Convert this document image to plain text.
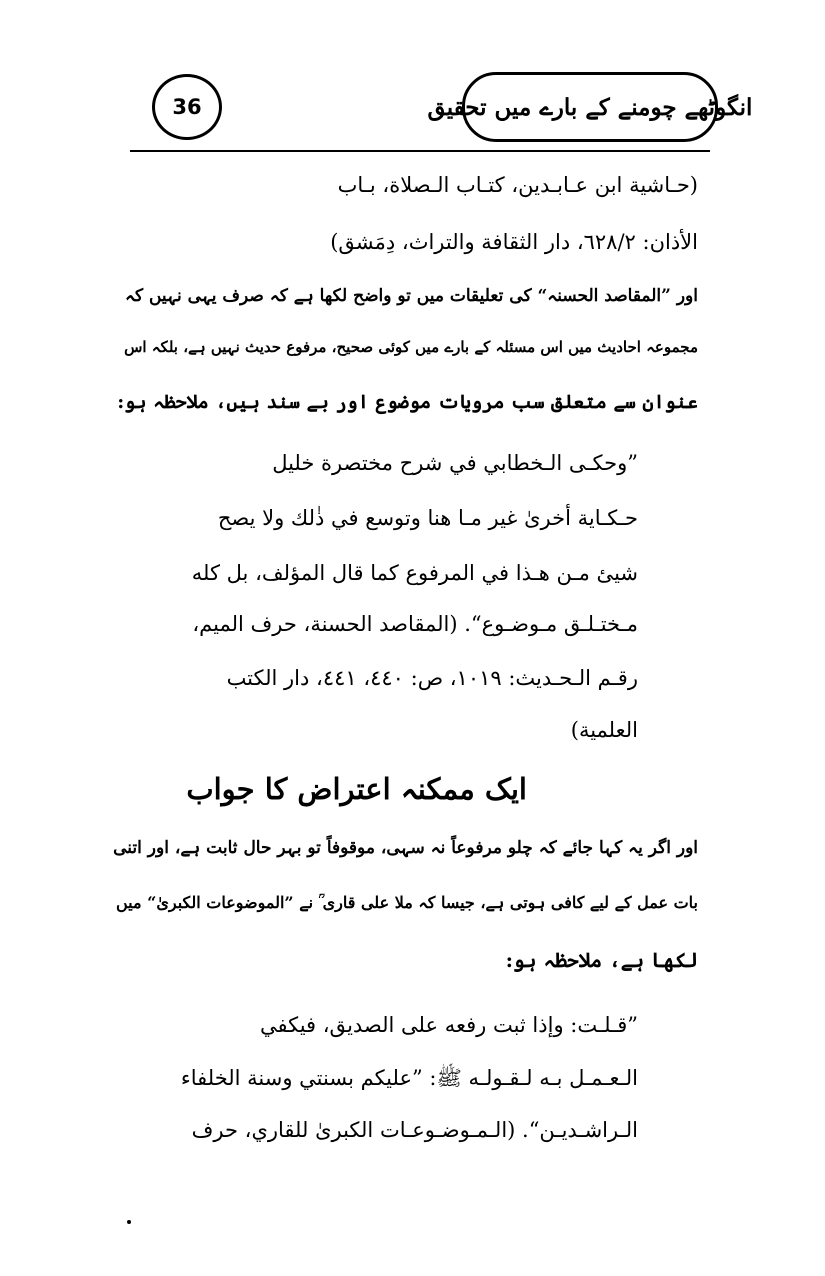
36	انگوٹھے چومنے کے بارے میں تحقیق
(حـاشية ابن عـابـدين، كتـاب الـصلاة، بـاب
الأذان: ٦٢٨/٢، دار الثقافة والتراث، دِمَشق)
اور ”المقاصد الحسنہ“ کی تعلیقات میں تو واضح لکھا ہے کہ صرف یہی نہیں کہ
مجموعہ احادیث میں اس مسئلہ کے بارے میں کوئی صحیح، مرفوع حدیث نہیں ہے، بلکہ اس
عنوان سے متعلق سب مرویات موضوع اور بے سند ہیں، ملاحظہ ہو:
”وحكـى الـخطابي في شرح مختصرة خليل
حـكـاية أخرىٰ غير مـا هنا وتوسع في ذٰلك ولا يصح
شيئ مـن هـذا في المرفوع كما قال المؤلف، بل كله
مـختـلـق مـوضـوع“. (المقاصد الحسنة، حرف الميم،
رقـم الـحـديث: ١٠١٩، ص: ٤٤٠، ٤٤١، دار الكتب
العلمية)
ایک ممکنہ اعتراض کا جواب
اور اگر یہ کہا جائے کہ چلو مرفوعاً نہ سہی، موقوفاً تو بہر حال ثابت ہے، اور اتنی
بات عمل کے لیے کافی ہوتی ہے، جیسا کہ ملا علی قاری ؒ نے ”الموضوعات الکبریٰ“ میں
لکھا ہے، ملاحظہ ہو:
”قـلـت: وإذا ثبت رفعه على الصديق، فيكفي
الـعـمـل بـه لـقـولـه ﷺ: ”عليكم بسنتي وسنة الخلفاء
الـراشـديـن“. (الـمـوضـوعـات الكبرىٰ للقاري، حرف
